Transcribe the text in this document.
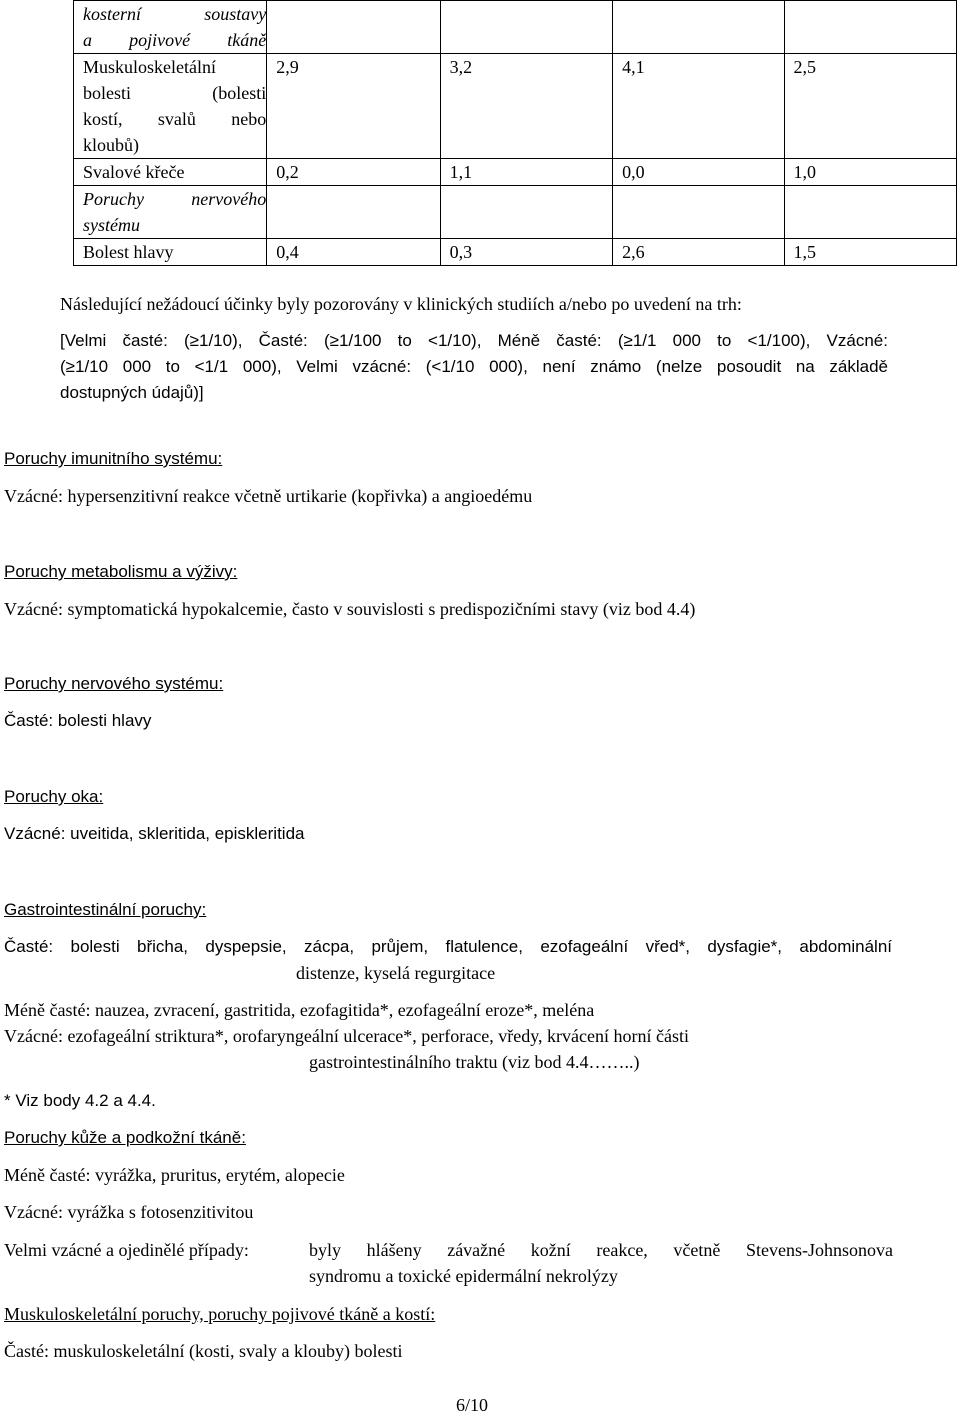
kosterní soustavy
a pojivové tkáně				

Muskuloskeletální
bolesti (bolesti
kostí, svalů nebo
kloubů)	2,9	3,2	4,1	2,5

Svalové křeče	0,2	1,1	0,0	1,0

Poruchy nervového
systému				

Bolest hlavy	0,4	0,3	2,6	1,5
Následující nežádoucí účinky byly pozorovány v klinických studiích a/nebo po uvedení na trh:
[Velmi časté: (≥1/10), Časté: (≥1/100 to <1/10), Méně časté: (≥1/1 000 to <1/100), Vzácné:
(≥1/10 000 to <1/1 000), Velmi vzácné: (<1/10 000), není známo (nelze posoudit na základě
dostupných údajů)]
Poruchy imunitního systému:
Vzácné: hypersenzitivní reakce včetně urtikarie (kopřivka) a angioedému
Poruchy metabolismu a výživy:
Vzácné: symptomatická hypokalcemie, často v souvislosti s predispozičními stavy (viz bod 4.4)
Poruchy nervového systému:
Časté: bolesti hlavy
Poruchy oka:
Vzácné: uveitida, skleritida, episkleritida
Gastrointestinální poruchy:
Časté: bolesti břicha, dyspepsie, zácpa, průjem, flatulence, ezofageální vřed*, dysfagie*, abdominální
distenze, kyselá regurgitace
Méně časté: nauzea, zvracení, gastritida, ezofagitida*, ezofageální eroze*, meléna
Vzácné: ezofageální striktura*, orofaryngeální ulcerace*, perforace, vředy, krvácení horní části
gastrointestinálního traktu (viz bod 4.4……..)
* Viz body 4.2 a 4.4.
Poruchy kůže a podkožní tkáně:
Méně časté: vyrážka, pruritus, erytém, alopecie
Vzácné: vyrážka s fotosenzitivitou
Velmi vzácné a ojedinělé případy:	byly hlášeny závažné kožní reakce, včetně Stevens-Johnsonova
syndromu a toxické epidermální nekrolýzy
Muskuloskeletální poruchy, poruchy pojivové tkáně a kostí:
Časté: muskuloskeletální (kosti, svaly a klouby) bolesti
6/10
